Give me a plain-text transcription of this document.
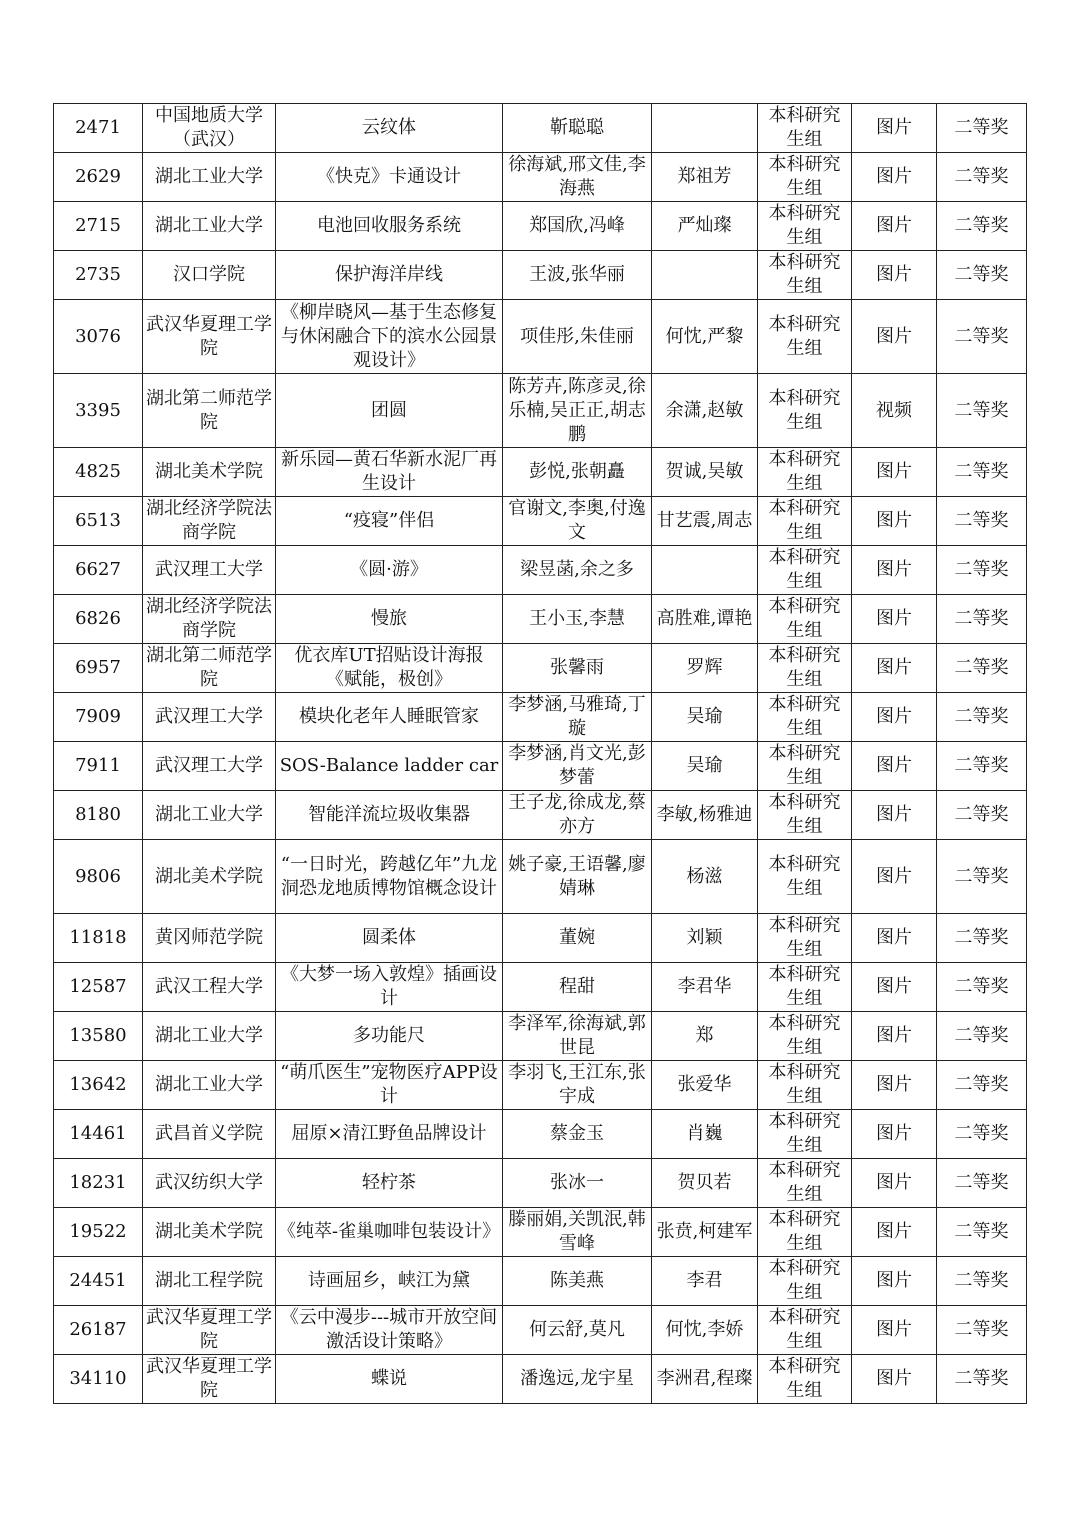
2471	中国地质大学（武汉）	云纹体	靳聪聪		本科研究生组	图片	二等奖
2629	湖北工业大学	《快克》卡通设计	徐海斌,邢文佳,李海燕	郑祖芳	本科研究生组	图片	二等奖
2715	湖北工业大学	电池回收服务系统	郑国欣,冯峰	严灿璨	本科研究生组	图片	二等奖
2735	汉口学院	保护海洋岸线	王波,张华丽		本科研究生组	图片	二等奖
3076	武汉华夏理工学院	《柳岸晓风—基于生态修复与休闲融合下的滨水公园景观设计》	项佳彤,朱佳丽	何忱,严黎	本科研究生组	图片	二等奖
3395	湖北第二师范学院	团圆	陈芳卉,陈彦灵,徐乐楠,吴正正,胡志鹏	余潇,赵敏	本科研究生组	视频	二等奖
4825	湖北美术学院	新乐园—黄石华新水泥厂再生设计	彭悦,张朝矗	贺诚,吴敏	本科研究生组	图片	二等奖
6513	湖北经济学院法商学院	“疫寝”伴侣	官谢文,李奥,付逸文	甘艺震,周志	本科研究生组	图片	二等奖
6627	武汉理工大学	《圆·游》	梁昱菡,余之多		本科研究生组	图片	二等奖
6826	湖北经济学院法商学院	慢旅	王小玉,李慧	高胜难,谭艳	本科研究生组	图片	二等奖
6957	湖北第二师范学院	优衣库UT招贴设计海报《赋能，极创》	张馨雨	罗辉	本科研究生组	图片	二等奖
7909	武汉理工大学	模块化老年人睡眠管家	李梦涵,马雅琦,丁璇	吴瑜	本科研究生组	图片	二等奖
7911	武汉理工大学	SOS-Balance ladder car	李梦涵,肖文光,彭梦蕾	吴瑜	本科研究生组	图片	二等奖
8180	湖北工业大学	智能洋流垃圾收集器	王子龙,徐成龙,蔡亦方	李敏,杨雅迪	本科研究生组	图片	二等奖
9806	湖北美术学院	“一日时光，跨越亿年”九龙洞恐龙地质博物馆概念设计	姚子豪,王语馨,廖婧琳	杨滋	本科研究生组	图片	二等奖
11818	黄冈师范学院	圆柔体	董婉	刘颖	本科研究生组	图片	二等奖
12587	武汉工程大学	《大梦一场入敦煌》插画设计	程甜	李君华	本科研究生组	图片	二等奖
13580	湖北工业大学	多功能尺	李泽军,徐海斌,郭世昆	郑	本科研究生组	图片	二等奖
13642	湖北工业大学	“萌爪医生”宠物医疗APP设计	李羽飞,王江东,张宇成	张爱华	本科研究生组	图片	二等奖
14461	武昌首义学院	屈原×清江野鱼品牌设计	蔡金玉	肖巍	本科研究生组	图片	二等奖
18231	武汉纺织大学	轻柠茶	张冰一	贺贝若	本科研究生组	图片	二等奖
19522	湖北美术学院	《纯萃-雀巢咖啡包装设计》	滕丽娟,关凯泯,韩雪峰	张贲,柯建军	本科研究生组	图片	二等奖
24451	湖北工程学院	诗画屈乡，峡江为黛	陈美燕	李君	本科研究生组	图片	二等奖
26187	武汉华夏理工学院	《云中漫步---城市开放空间激活设计策略》	何云舒,莫凡	何忱,李娇	本科研究生组	图片	二等奖
34110	武汉华夏理工学院	蝶说	潘逸远,龙宇星	李洲君,程璨	本科研究生组	图片	二等奖
